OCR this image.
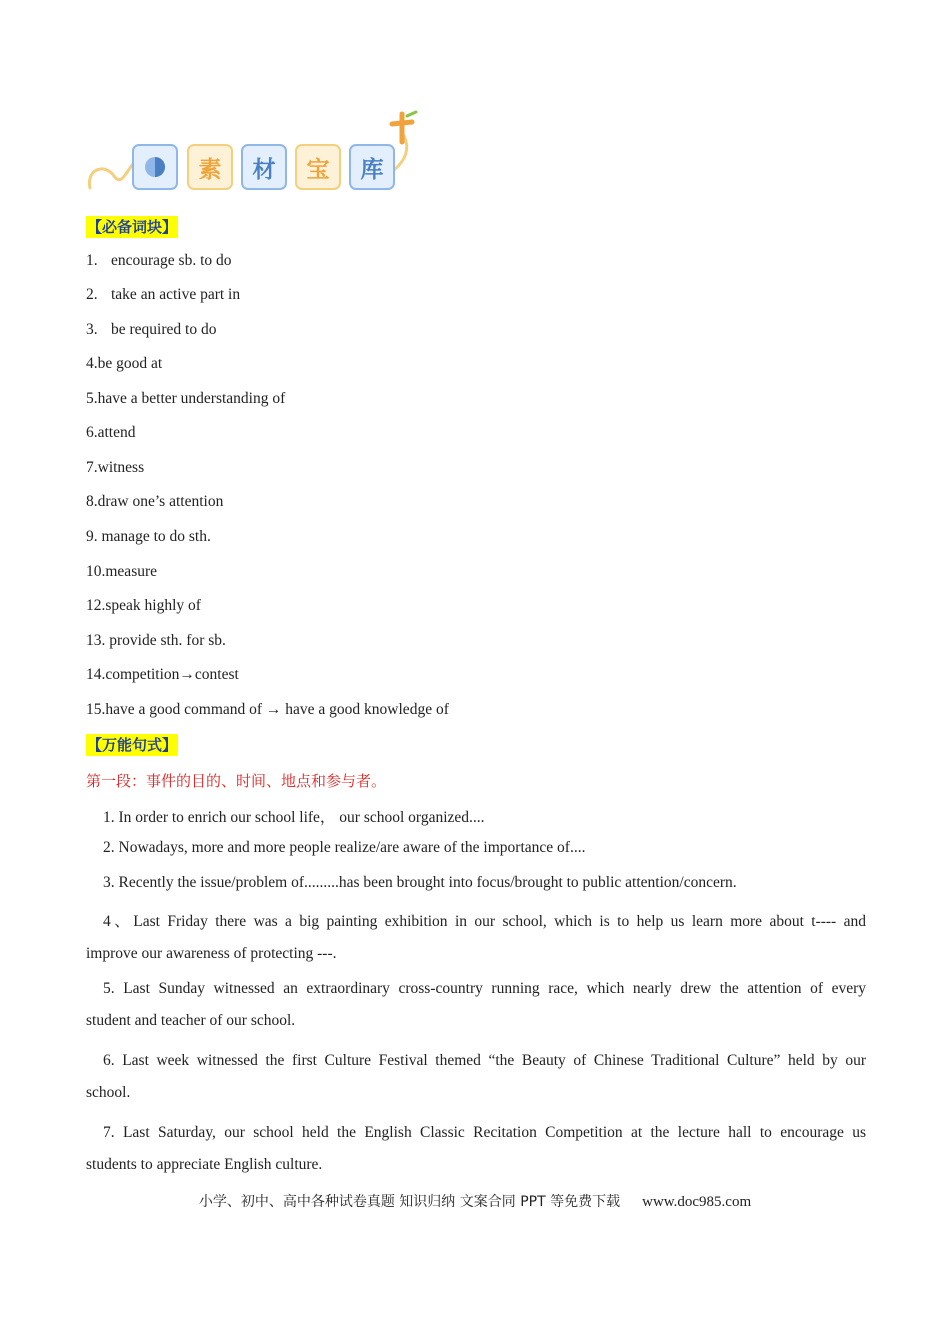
素	材	宝	库
【必备词块】
1. encourage sb. to do
2. take an active part in
3. be required to do
4.be good at
5.have a better understanding of
6.attend
7.witness
8.draw one’s attention
9. manage to do sth.
10.measure
12.speak highly of
13. provide sth. for sb.
14.competition→contest
15.have a good command of → have a good knowledge of
【万能句式】
第一段：事件的目的、时间、地点和参与者。
1. In order to enrich our school life， our school organized....
2. Nowadays, more and more people realize/are aware of the importance of....
3. Recently the issue/problem of.........has been brought into focus/brought to public attention/concern.
4、Last Friday there was a big painting exhibition in our school, which is to help us learn more about t---- and
improve our awareness of protecting ---.
5. Last Sunday witnessed an extraordinary cross-country running race, which nearly drew the attention of every
student and teacher of our school.
6. Last week witnessed the first Culture Festival themed “the Beauty of Chinese Traditional Culture” held by our
school.
7. Last Saturday, our school held the English Classic Recitation Competition at the lecture hall to encourage us
students to appreciate English culture.
小学、初中、高中各种试卷真题 知识归纳 文案合同 PPT 等免费下载 www.doc985.com
